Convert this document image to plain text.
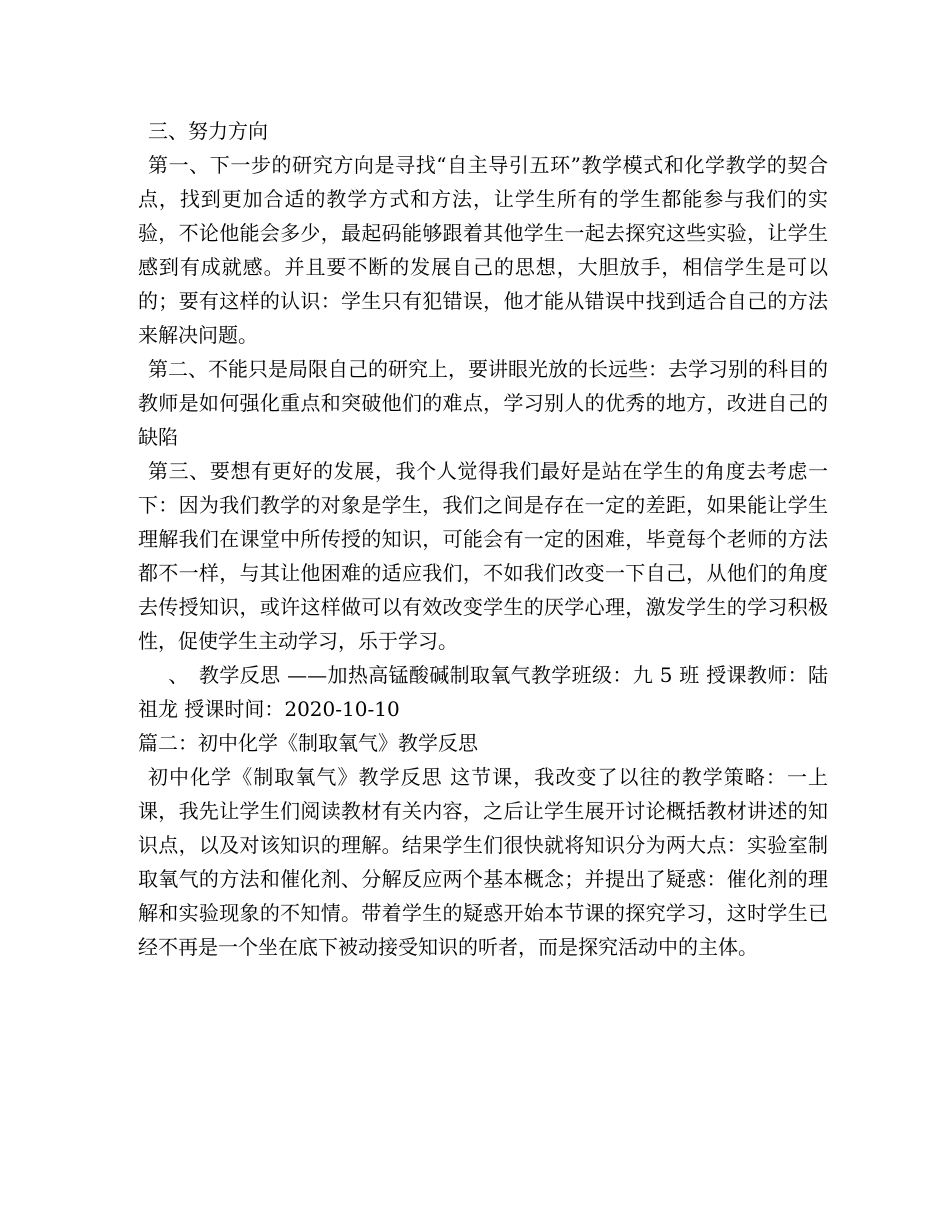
三、努力方向

第一、下一步的研究方向是寻找“自主导引五环”教学模式和化学教学的契合点，找到更加合适的教学方式和方法，让学生所有的学生都能参与我们的实验，不论他能会多少，最起码能够跟着其他学生一起去探究这些实验，让学生感到有成就感。并且要不断的发展自己的思想，大胆放手，相信学生是可以的；要有这样的认识：学生只有犯错误，他才能从错误中找到适合自己的方法来解决问题。

第二、不能只是局限自己的研究上，要讲眼光放的长远些：去学习别的科目的教师是如何强化重点和突破他们的难点，学习别人的优秀的地方，改进自己的缺陷

第三、要想有更好的发展，我个人觉得我们最好是站在学生的角度去考虑一下：因为我们教学的对象是学生，我们之间是存在一定的差距，如果能让学生理解我们在课堂中所传授的知识，可能会有一定的困难，毕竟每个老师的方法都不一样，与其让他困难的适应我们，不如我们改变一下自己，从他们的角度去传授知识，或许这样做可以有效改变学生的厌学心理，激发学生的学习积极性，促使学生主动学习，乐于学习。

　、　教学反思 ——加热高锰酸碱制取氧气教学班级：九 5 班 授课教师：陆祖龙 授课时间：2020-10-10

篇二：初中化学《制取氧气》教学反思

初中化学《制取氧气》教学反思 这节课，我改变了以往的教学策略：一上课，我先让学生们阅读教材有关内容，之后让学生展开讨论概括教材讲述的知识点，以及对该知识的理解。结果学生们很快就将知识分为两大点：实验室制取氧气的方法和催化剂、分解反应两个基本概念；并提出了疑惑：催化剂的理解和实验现象的不知情。带着学生的疑惑开始本节课的探究学习，这时学生已经不再是一个坐在底下被动接受知识的听者，而是探究活动中的主体。
